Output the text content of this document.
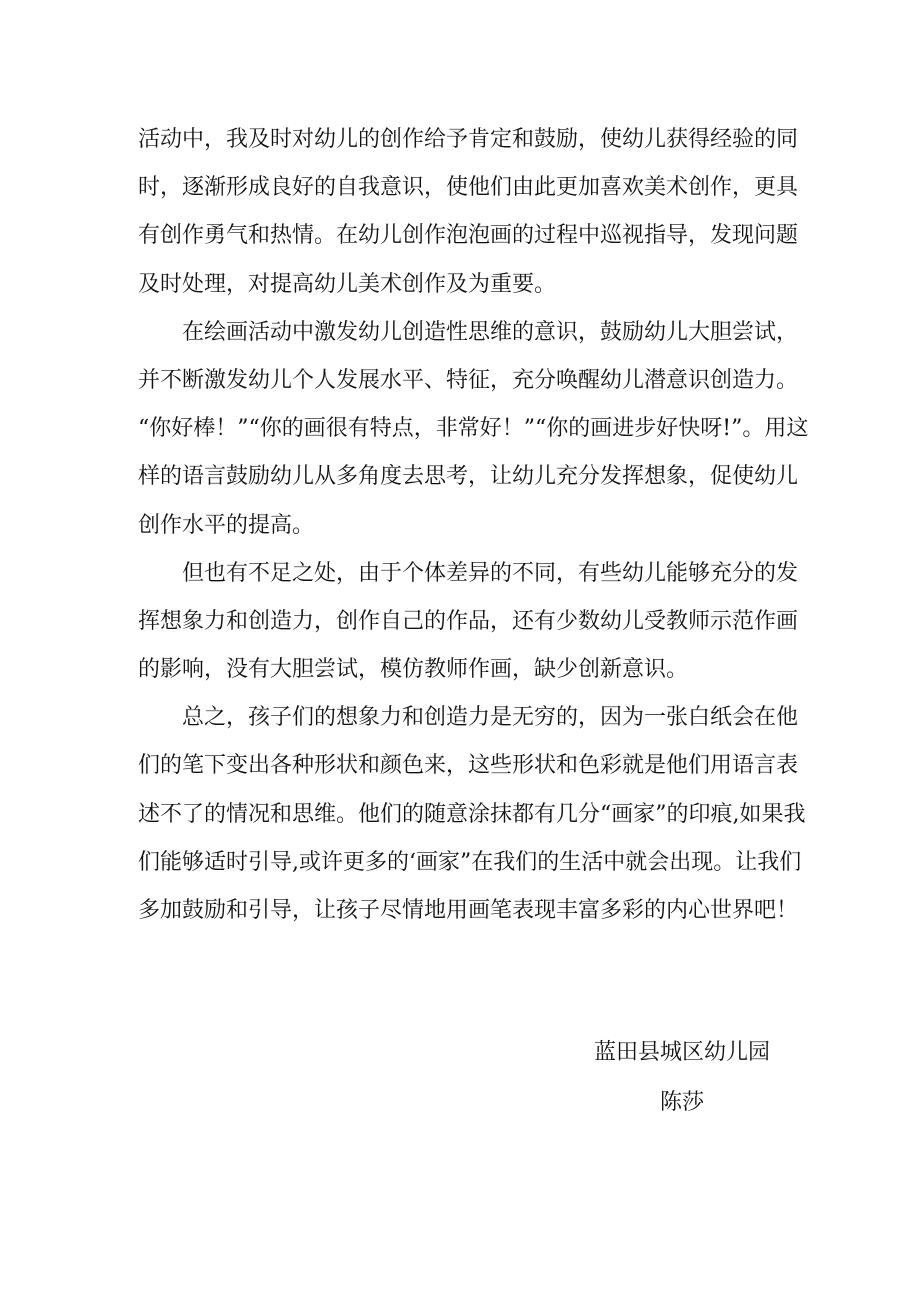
活动中，我及时对幼儿的创作给予肯定和鼓励，使幼儿获得经验的同
时，逐渐形成良好的自我意识，使他们由此更加喜欢美术创作，更具
有创作勇气和热情。在幼儿创作泡泡画的过程中巡视指导，发现问题
及时处理，对提高幼儿美术创作及为重要。
在绘画活动中激发幼儿创造性思维的意识，鼓励幼儿大胆尝试，
并不断激发幼儿个人发展水平、特征，充分唤醒幼儿潜意识创造力。
“你好棒！”“你的画很有特点，非常好！”“你的画进步好快呀!”。用这
样的语言鼓励幼儿从多角度去思考，让幼儿充分发挥想象，促使幼儿
创作水平的提高。
但也有不足之处，由于个体差异的不同，有些幼儿能够充分的发
挥想象力和创造力，创作自己的作品，还有少数幼儿受教师示范作画
的影响，没有大胆尝试，模仿教师作画，缺少创新意识。
总之，孩子们的想象力和创造力是无穷的，因为一张白纸会在他
们的笔下变出各种形状和颜色来，这些形状和色彩就是他们用语言表
述不了的情况和思维。他们的随意涂抹都有几分“画家”的印痕,如果我
们能够适时引导,或许更多的‘画家”在我们的生活中就会出现。让我们
多加鼓励和引导，让孩子尽情地用画笔表现丰富多彩的内心世界吧！
蓝田县城区幼儿园
陈莎
